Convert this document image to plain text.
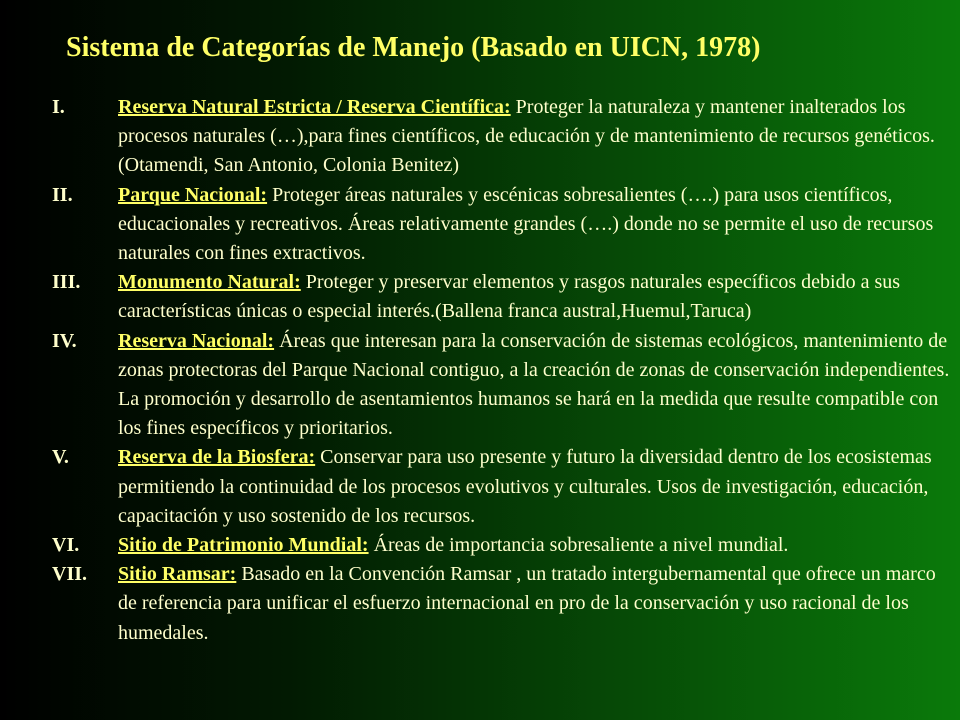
Sistema de Categorías de Manejo (Basado en UICN, 1978)
I.	Reserva Natural Estricta / Reserva Científica: Proteger la naturaleza y mantener inalterados los procesos naturales (…),para fines científicos, de educación y de mantenimiento de recursos genéticos.(Otamendi, San Antonio, Colonia Benitez)
II. Parque Nacional: Proteger áreas naturales y escénicas sobresalientes (….) para usos científicos, educacionales y recreativos. Áreas relativamente grandes (….) donde no se permite el uso de recursos naturales con fines extractivos.
III. Monumento Natural: Proteger y preservar elementos y rasgos naturales específicos debido a sus características únicas o especial interés.(Ballena franca austral,Huemul,Taruca)
IV. Reserva Nacional: Áreas que interesan para la conservación de sistemas ecológicos, mantenimiento de zonas protectoras del Parque Nacional contiguo, a la creación de zonas de conservación independientes. La promoción y desarrollo de asentamientos humanos se hará en la medida que resulte compatible con los fines específicos y prioritarios.
V. Reserva de la Biosfera: Conservar para uso presente y futuro la diversidad dentro de los ecosistemas permitiendo la continuidad de los procesos evolutivos y culturales. Usos de investigación, educación, capacitación y uso sostenido de los recursos.
VI. Sitio de Patrimonio Mundial: Áreas de importancia sobresaliente a nivel mundial.
VII. Sitio Ramsar: Basado en la Convención Ramsar , un tratado intergubernamental que ofrece un marco de referencia para unificar el esfuerzo internacional en pro de la conservación y uso racional de los humedales.
